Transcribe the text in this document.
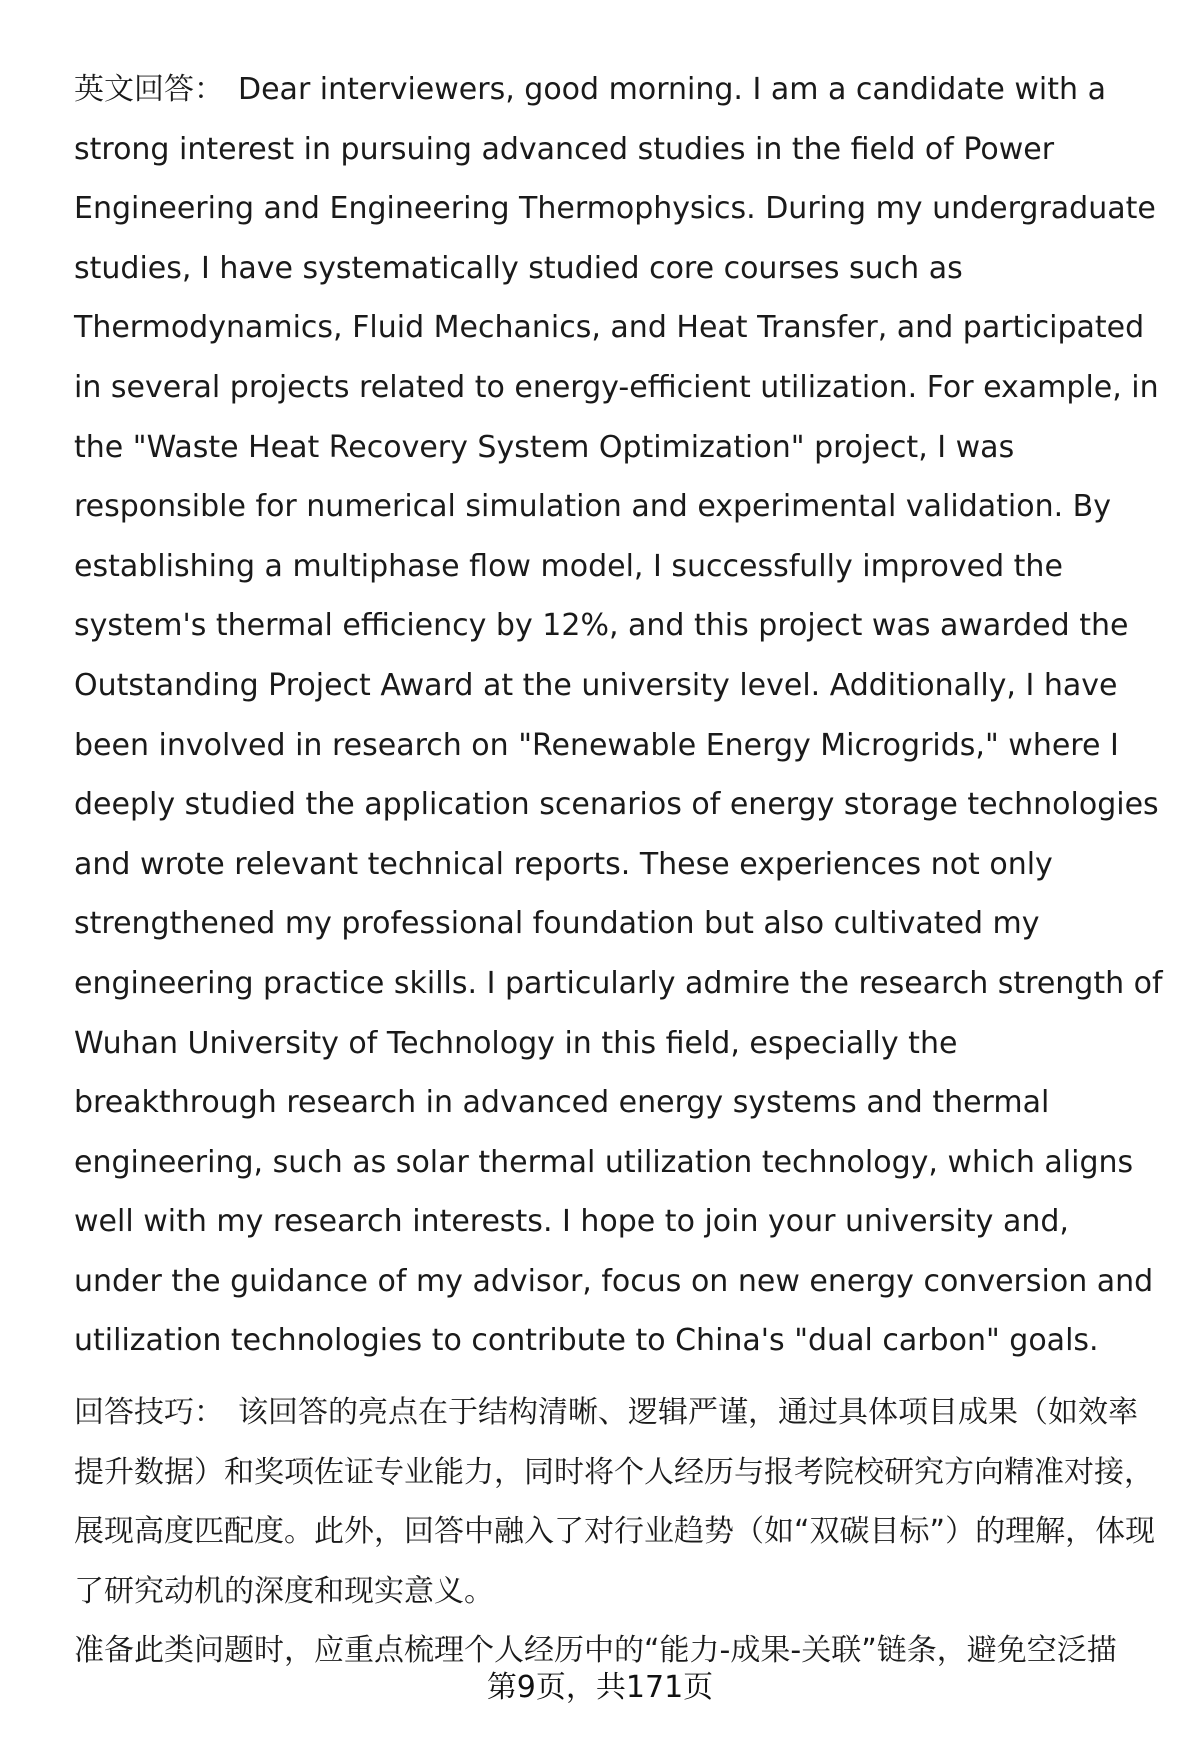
英文回答： Dear interviewers, good morning. I am a candidate with a strong interest in pursuing advanced studies in the field of Power Engineering and Engineering Thermophysics. During my undergraduate studies, I have systematically studied core courses such as Thermodynamics, Fluid Mechanics, and Heat Transfer, and participated in several projects related to energy-efficient utilization. For example, in the "Waste Heat Recovery System Optimization" project, I was responsible for numerical simulation and experimental validation. By establishing a multiphase flow model, I successfully improved the system's thermal efficiency by 12%, and this project was awarded the Outstanding Project Award at the university level. Additionally, I have been involved in research on "Renewable Energy Microgrids," where I deeply studied the application scenarios of energy storage technologies and wrote relevant technical reports. These experiences not only strengthened my professional foundation but also cultivated my engineering practice skills. I particularly admire the research strength of Wuhan University of Technology in this field, especially the breakthrough research in advanced energy systems and thermal engineering, such as solar thermal utilization technology, which aligns well with my research interests. I hope to join your university and, under the guidance of my advisor, focus on new energy conversion and utilization technologies to contribute to China's "dual carbon" goals.

回答技巧： 该回答的亮点在于结构清晰、逻辑严谨，通过具体项目成果（如效率提升数据）和奖项佐证专业能力，同时将个人经历与报考院校研究方向精准对接，展现高度匹配度。此外，回答中融入了对行业趋势（如“双碳目标”）的理解，体现了研究动机的深度和现实意义。

准备此类问题时，应重点梳理个人经历中的“能力-成果-关联”链条，避免空泛描

第9页，共171页
